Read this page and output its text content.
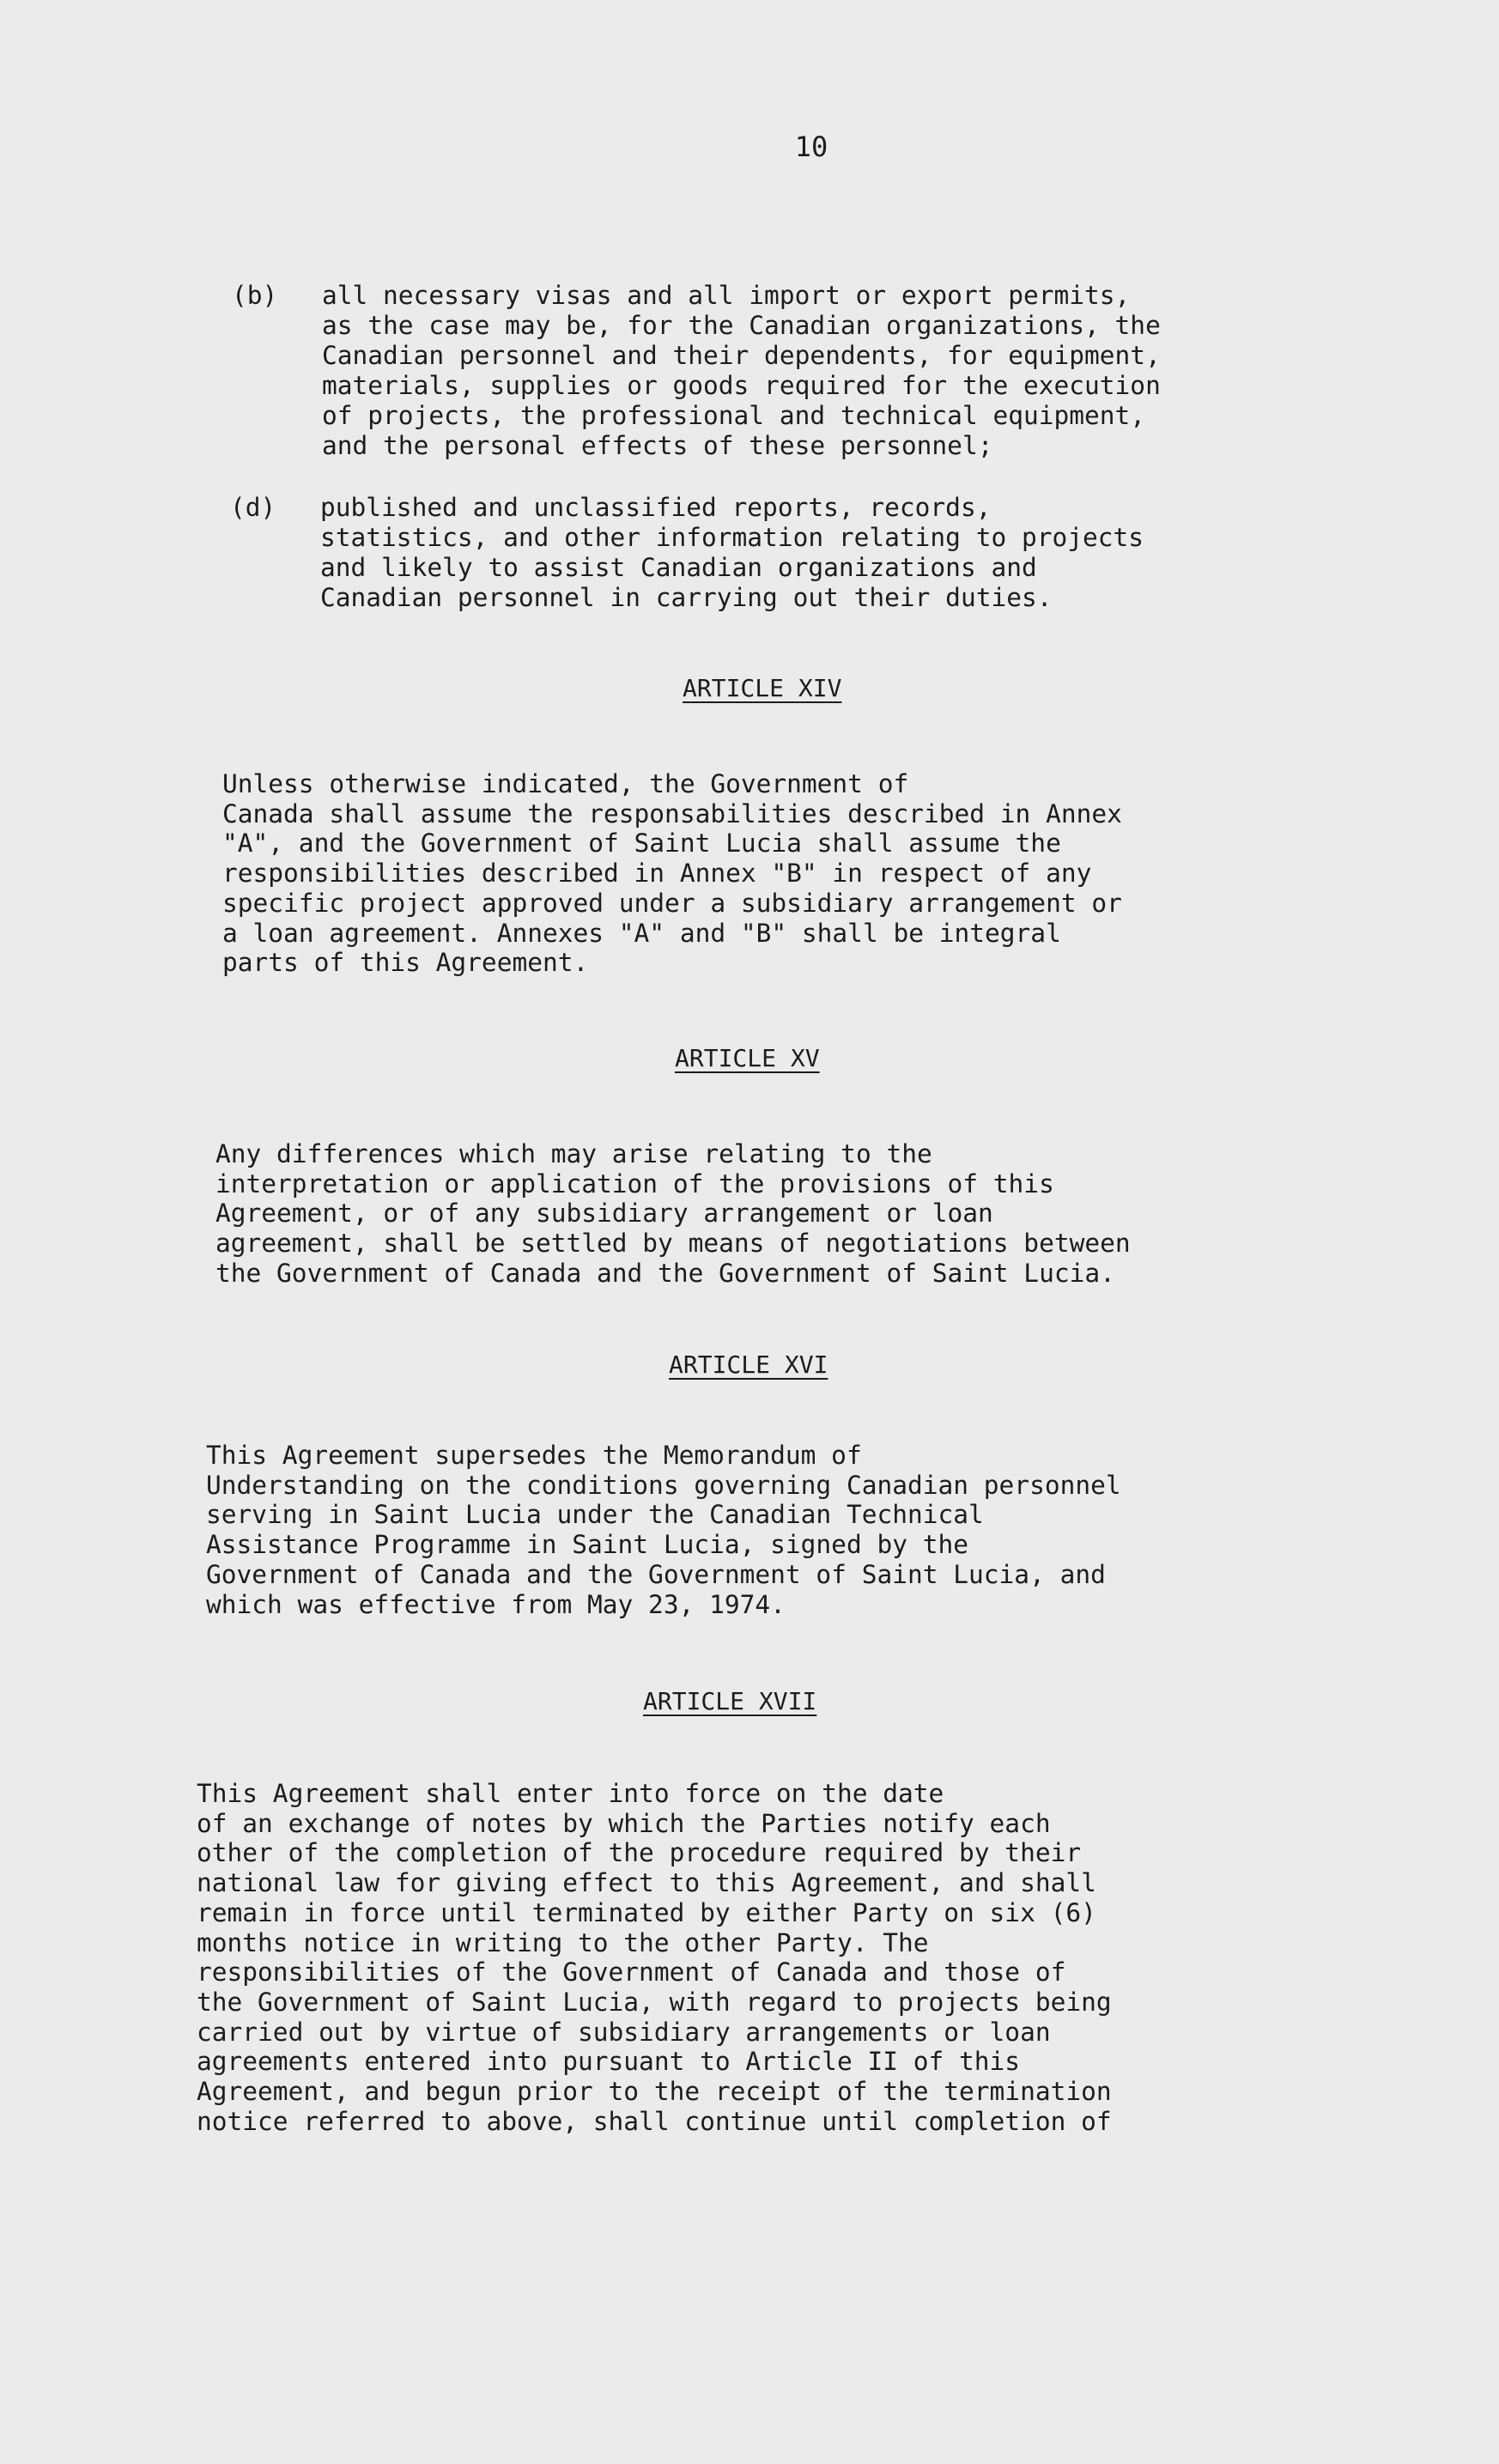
10
(b) all necessary visas and all import or export permits,
as the case may be, for the Canadian organizations, the
Canadian personnel and their dependents, for equipment,
materials, supplies or goods required for the execution
of projects, the professional and technical equipment,
and the personal effects of these personnel;
(d) published and unclassified reports, records,
statistics, and other information relating to projects
and likely to assist Canadian organizations and
Canadian personnel in carrying out their duties.
ARTICLE XIV
Unless otherwise indicated, the Government of
Canada shall assume the responsabilities described in Annex
"A", and the Government of Saint Lucia shall assume the
responsibilities described in Annex "B" in respect of any
specific project approved under a subsidiary arrangement or
a loan agreement. Annexes "A" and "B" shall be integral
parts of this Agreement.
ARTICLE XV
Any differences which may arise relating to the
interpretation or application of the provisions of this
Agreement, or of any subsidiary arrangement or loan
agreement, shall be settled by means of negotiations between
the Government of Canada and the Government of Saint Lucia.
ARTICLE XVI
This Agreement supersedes the Memorandum of
Understanding on the conditions governing Canadian personnel
serving in Saint Lucia under the Canadian Technical
Assistance Programme in Saint Lucia, signed by the
Government of Canada and the Government of Saint Lucia, and
which was effective from May 23, 1974.
ARTICLE XVII
This Agreement shall enter into force on the date
of an exchange of notes by which the Parties notify each
other of the completion of the procedure required by their
national law for giving effect to this Agreement, and shall
remain in force until terminated by either Party on six (6)
months notice in writing to the other Party. The
responsibilities of the Government of Canada and those of
the Government of Saint Lucia, with regard to projects being
carried out by virtue of subsidiary arrangements or loan
agreements entered into pursuant to Article II of this
Agreement, and begun prior to the receipt of the termination
notice referred to above, shall continue until completion of
